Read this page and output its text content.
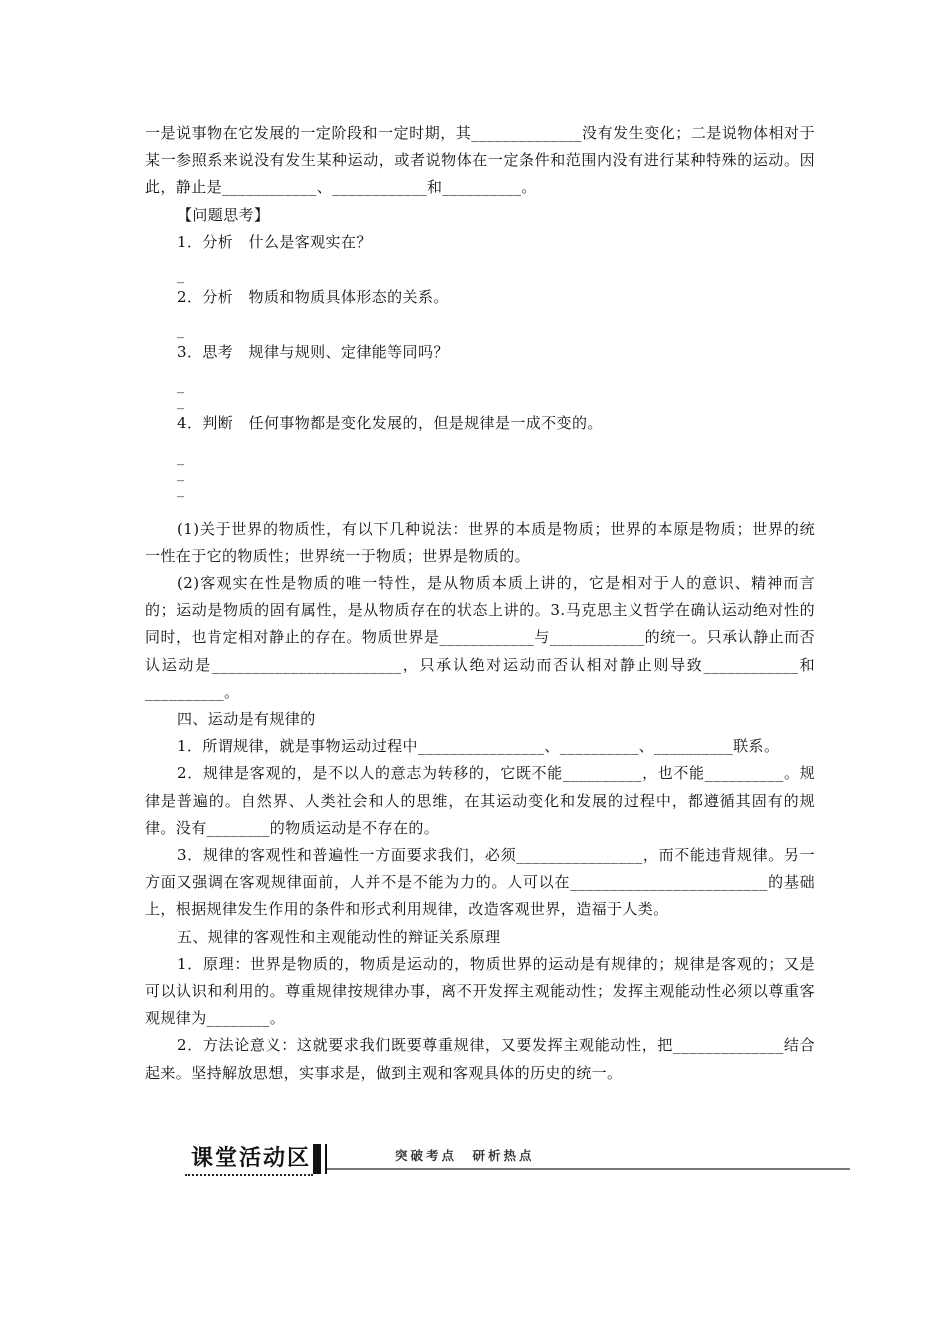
一是说事物在它发展的一定阶段和一定时期，其______________没有发生变化；二是说物体相对于某一参照系来说没有发生某种运动，或者说物体在一定条件和范围内没有进行某种特殊的运动。因此，静止是____________、____________和__________。

【问题思考】

1．分析　什么是客观实在？

_

2．分析　物质和物质具体形态的关系。

_

3．思考　规律与规则、定律能等同吗？

_

_

4．判断　任何事物都是变化发展的，但是规律是一成不变的。

_

_

_

(1)关于世界的物质性，有以下几种说法：世界的本质是物质；世界的本原是物质；世界的统一性在于它的物质性；世界统一于物质；世界是物质的。

(2)客观实在性是物质的唯一特性，是从物质本质上讲的，它是相对于人的意识、精神而言的；运动是物质的固有属性，是从物质存在的状态上讲的。3.马克思主义哲学在确认运动绝对性的同时，也肯定相对静止的存在。物质世界是____________与____________的统一。只承认静止而否认运动是________________________，只承认绝对运动而否认相对静止则导致____________和__________。

四、运动是有规律的

1．所谓规律，就是事物运动过程中________________、__________、__________联系。

2．规律是客观的，是不以人的意志为转移的，它既不能__________，也不能__________。规律是普遍的。自然界、人类社会和人的思维，在其运动变化和发展的过程中，都遵循其固有的规律。没有________的物质运动是不存在的。

3．规律的客观性和普遍性一方面要求我们，必须________________，而不能违背规律。另一方面又强调在客观规律面前，人并不是不能为力的。人可以在_________________________的基础上，根据规律发生作用的条件和形式利用规律，改造客观世界，造福于人类。

五、规律的客观性和主观能动性的辩证关系原理

1．原理：世界是物质的，物质是运动的，物质世界的运动是有规律的；规律是客观的；又是可以认识和利用的。尊重规律按规律办事，离不开发挥主观能动性；发挥主观能动性必须以尊重客观规律为________。

2．方法论意义：这就要求我们既要尊重规律，又要发挥主观能动性，把______________结合起来。坚持解放思想，实事求是，做到主观和客观具体的历史的统一。

课堂活动区	突破考点　研析热点
